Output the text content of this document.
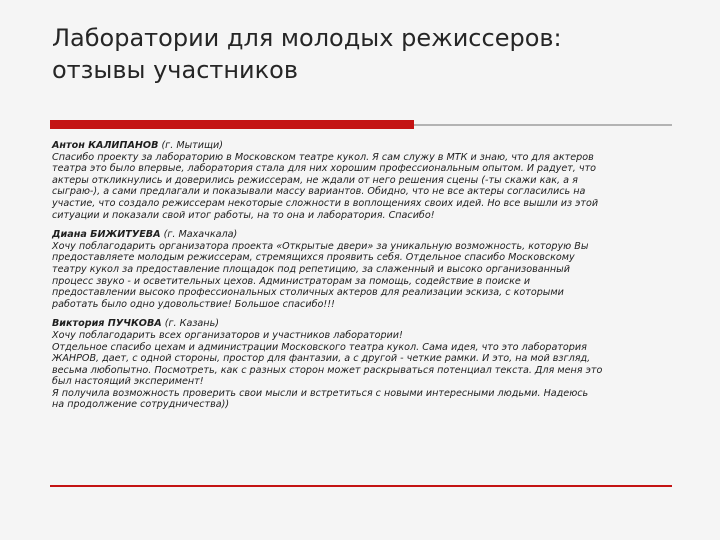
Лаборатории для молодых режиссеров:
отзывы участников
Антон КАЛИПАНОВ (г. Мытищи)
Спасибо проекту за лабораторию в Московском театре кукол. Я сам служу в МТК и знаю, что для актеров
театра это было впервые, лаборатория стала для них хорошим профессиональным опытом. И радует, что
актеры откликнулись и доверились режиссерам, не ждали от него решения сцены (-ты скажи как, а я
сыграю-), а сами предлагали и показывали массу вариантов. Обидно, что не все актеры согласились на
участие, что создало режиссерам некоторые сложности в воплощениях своих идей. Но все вышли из этой
ситуации и показали свой итог работы, на то она и лаборатория. Спасибо!
Диана БИЖИТУЕВА (г. Махачкала)
Хочу поблагодарить организатора проекта «Открытые двери» за уникальную возможность, которую Вы
предоставляете молодым режиссерам, стремящихся проявить себя. Отдельное спасибо Московскому
театру кукол за предоставление площадок под репетицию, за слаженный и высоко организованный
процесс звуко - и осветительных цехов. Администраторам за помощь, содействие в поиске и
предоставлении высоко профессиональных столичных актеров для реализации эскиза, с которыми
работать было одно удовольствие! Большое спасибо!!!
Виктория ПУЧКОВА (г. Казань)
Хочу поблагодарить всех организаторов и участников лаборатории!
Отдельное спасибо цехам и администрации Московского театра кукол. Сама идея, что это лаборатория
ЖАНРОВ, дает, с одной стороны, простор для фантазии, а с другой - четкие рамки. И это, на мой взгляд,
весьма любопытно. Посмотреть, как с разных сторон может раскрываться потенциал текста. Для меня это
был настоящий эксперимент!
Я получила возможность проверить свои мысли и встретиться с новыми интересными людьми. Надеюсь
на продолжение сотрудничества))
